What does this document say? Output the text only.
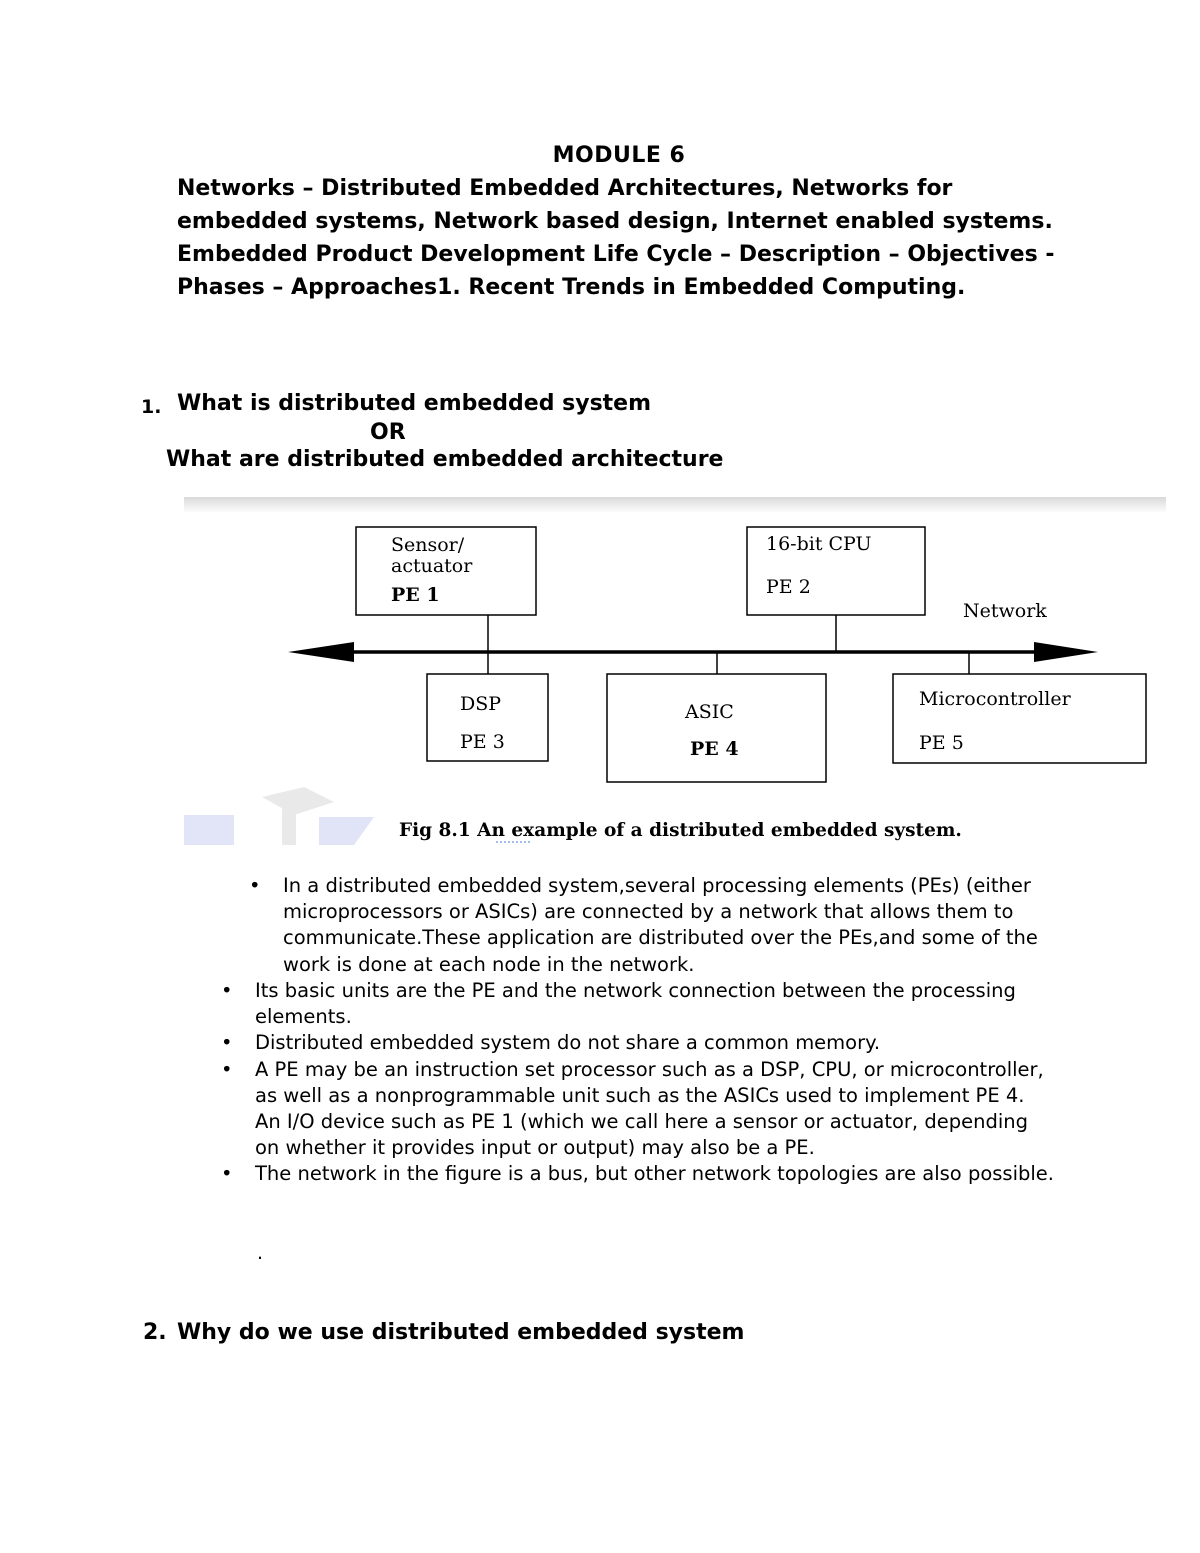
MODULE 6
Networks – Distributed Embedded Architectures, Networks for embedded systems, Network based design, Internet enabled systems. Embedded Product Development Life Cycle – Description – Objectives -Phases – Approaches1. Recent Trends in Embedded Computing.
1. What is distributed embedded system
OR
What are distributed embedded architecture
Sensor/
actuator
PE 1
16-bit CPU
PE 2
Network
DSP
PE 3
ASIC
PE 4
Microcontroller
PE 5
Fig 8.1 An example of a distributed embedded system.
• In a distributed embedded system,several processing elements (PEs) (either microprocessors or ASICs) are connected by a network that allows them to communicate.These application are distributed over the PEs,and some of the work is done at each node in the network.
• Its basic units are the PE and the network connection between the processing elements.
• Distributed embedded system do not share a common memory.
• A PE may be an instruction set processor such as a DSP, CPU, or microcontroller, as well as a nonprogrammable unit such as the ASICs used to implement PE 4. An I/O device such as PE 1 (which we call here a sensor or actuator, depending on whether it provides input or output) may also be a PE.
• The network in the figure is a bus, but other network topologies are also possible.
.
2. Why do we use distributed embedded system
